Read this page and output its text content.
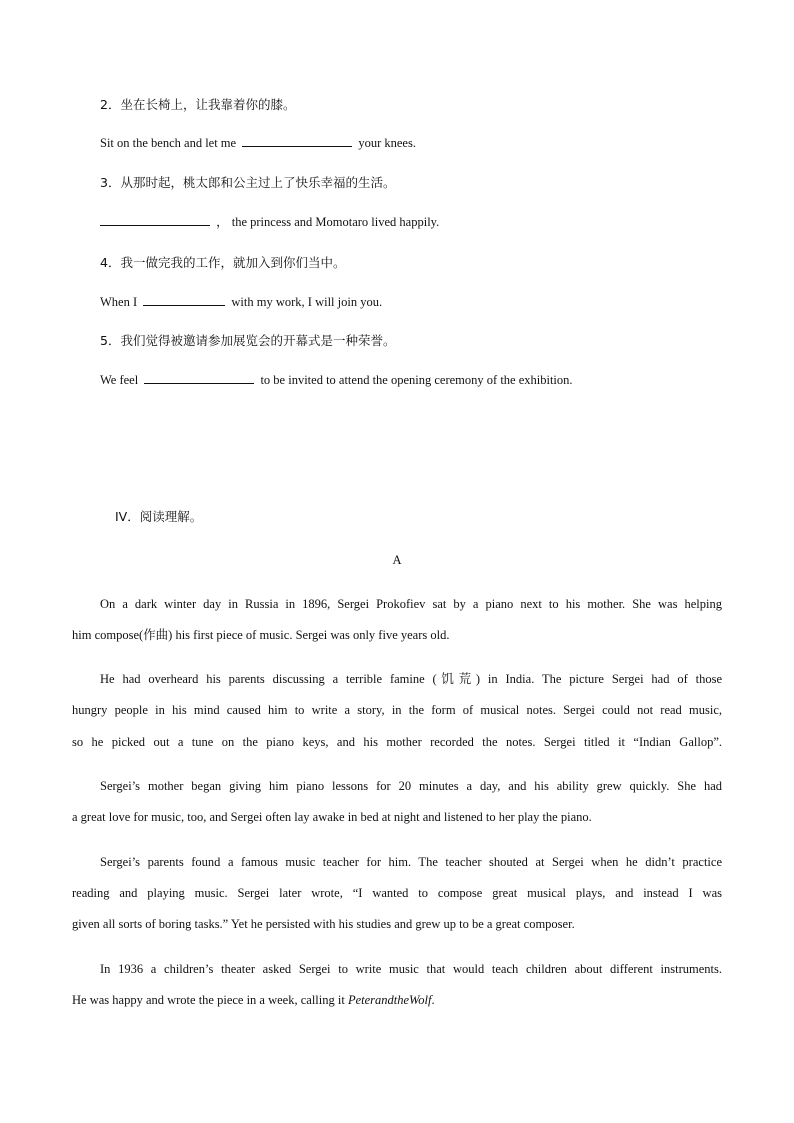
2．坐在长椅上，让我靠着你的膝。
Sit on the bench and let me	your knees.
3．从那时起，桃太郎和公主过上了快乐幸福的生活。
， the princess and Momotaro lived happily.
4．我一做完我的工作，就加入到你们当中。
When I	with my work, I will join you.
5．我们觉得被邀请参加展览会的开幕式是一种荣誉。
We feel	to be invited to attend the opening ceremony of the exhibition.
IV．阅读理解。
A
On a dark winter day in Russia in 1896, Sergei Prokofiev sat by a piano next to his mother. She was helping
him compose(作曲) his first piece of music. Sergei was only five years old.
He had overheard his parents discussing a terrible famine (饥荒) in India. The picture Sergei had of those
hungry people in his mind caused him to write a story, in the form of musical notes. Sergei could not read music,
so he picked out a tune on the piano keys, and his mother recorded the notes. Sergei titled it “Indian Gallop”.
Sergei’s mother began giving him piano lessons for 20 minutes a day, and his ability grew quickly. She had
a great love for music, too, and Sergei often lay awake in bed at night and listened to her play the piano.
Sergei’s parents found a famous music teacher for him. The teacher shouted at Sergei when he didn’t practice
reading and playing music. Sergei later wrote, “I wanted to compose great musical plays, and instead I was
given all sorts of boring tasks.” Yet he persisted with his studies and grew up to be a great composer.
In 1936 a children’s theater asked Sergei to write music that would teach children about different instruments.
He was happy and wrote the piece in a week, calling it PeterandtheWolf.
